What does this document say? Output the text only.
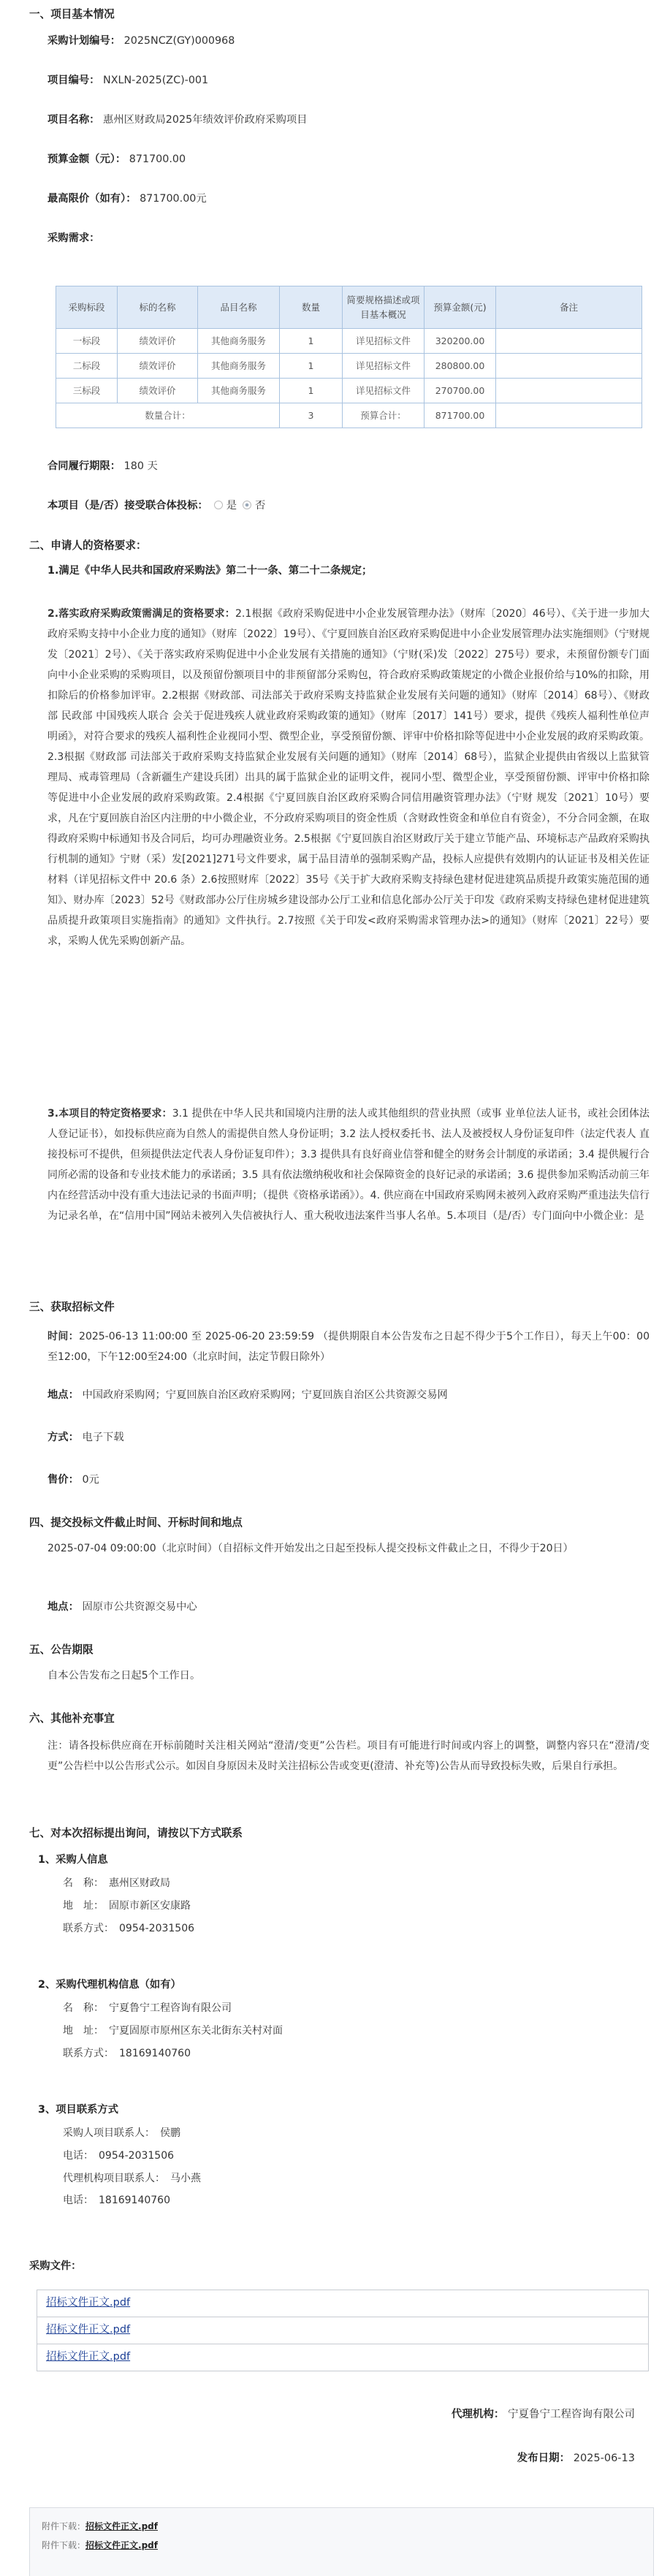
一、项目基本情况
采购计划编号： 2025NCZ(GY)000968
项目编号： NXLN-2025(ZC)-001
项目名称： 惠州区财政局2025年绩效评价政府采购项目
预算金额（元）： 871700.00
最高限价（如有）： 871700.00元
采购需求：
采购标段	标的名称	品目名称	数量	简要规格描述或项目基本概况	预算金额(元)	备注
一标段	绩效评价	其他商务服务	1	详见招标文件	320200.00	
二标段	绩效评价	其他商务服务	1	详见招标文件	280800.00	
三标段	绩效评价	其他商务服务	1	详见招标文件	270700.00	
数量合计：			3	预算合计：	871700.00	
合同履行期限： 180 天
本项目（是/否）接受联合体投标： 是 否
二、申请人的资格要求：
1.满足《中华人民共和国政府采购法》第二十一条、第二十二条规定；
2.落实政府采购政策需满足的资格要求：2.1根据《政府采购促进中小企业发展管理办法》（财库〔2020〕46号）、《关于进一步加大政府采购支持中小企业力度的通知》（财库〔2022〕19号）、《宁夏回族自治区政府采购促进中小企业发展管理办法实施细则》（宁财规发〔2021〕2号）、《关于落实政府采购促进中小企业发展有关措施的通知》（宁财(采)发〔2022〕275号）要求，未预留份额专门面向中小企业采购的采购项目，以及预留份额项目中的非预留部分采购包，符合政府采购政策规定的小微企业报价给与10%的扣除，用扣除后的价格参加评审。2.2根据《财政部、司法部关于政府采购支持监狱企业发展有关问题的通知》（财库〔2014〕68号）、《财政部 民政部 中国残疾人联合 会关于促进残疾人就业政府采购政策的通知》（财库〔2017〕141号）要求，提供《残疾人福利性单位声明函》，对符合要求的残疾人福利性企业视同小型、微型企业，享受预留份额、评审中价格扣除等促进中小企业发展的政府采购政策。2.3根据《财政部 司法部关于政府采购支持监狱企业发展有关问题的通知》（财库〔2014〕68号），监狱企业提供由省级以上监狱管 理局、戒毒管理局（含新疆生产建设兵团）出具的属于监狱企业的证明文件，视同小型、微型企业，享受预留份额、评审中价格扣除等促进中小企业发展的政府采购政策。2.4根据《宁夏回族自治区政府采购合同信用融资管理办法》（宁财 规发〔2021〕10号）要求，凡在宁夏回族自治区内注册的中小微企业，不分政府采购项目的资金性质（含财政性资金和单位自有资金），不分合同金额，在取得政府采购中标通知书及合同后，均可办理融资业务。2.5根据《宁夏回族自治区财政厅关于建立节能产品、环境标志产品政府采购执行机制的通知》宁财（采）发[2021]271号文件要求，属于品目清单的强制采购产品，投标人应提供有效期内的认证证书及相关佐证材料（详见招标文件中 20.6 条）2.6按照财库〔2022〕35号《关于扩大政府采购支持绿色建材促进建筑品质提升政策实施范围的通知》、财办库〔2023〕52号《财政部办公厅住房城乡建设部办公厅工业和信息化部办公厅关于印发《政府采购支持绿色建材促进建筑品质提升政策项目实施指南》的通知》文件执行。2.7按照《关于印发<政府采购需求管理办法>的通知》（财库〔2021〕22号）要求，采购人优先采购创新产品。
3.本项目的特定资格要求：3.1 提供在中华人民共和国境内注册的法人或其他组织的营业执照（或事 业单位法人证书，或社会团体法人登记证书），如投标供应商为自然人的需提供自然人身份证明；3.2 法人授权委托书、法人及被授权人身份证复印件（法定代表人 直接投标可不提供，但须提供法定代表人身份证复印件）；3.3 提供具有良好商业信誉和健全的财务会计制度的承诺函；3.4 提供履行合同所必需的设备和专业技术能力的承诺函；3.5 具有依法缴纳税收和社会保障资金的良好记录的承诺函；3.6 提供参加采购活动前三年内在经营活动中没有重大违法记录的书面声明；（提供《资格承诺函》）。4. 供应商在中国政府采购网未被列入政府采购严重违法失信行为记录名单，在“信用中国”网站未被列入失信被执行人、重大税收违法案件当事人名单。5.本项目（是/否）专门面向中小微企业：是
三、获取招标文件
时间：2025-06-13 11:00:00 至 2025-06-20 23:59:59 （提供期限自本公告发布之日起不得少于5个工作日），每天上午00：00至12:00，下午12:00至24:00（北京时间，法定节假日除外）
地点： 中国政府采购网；宁夏回族自治区政府采购网；宁夏回族自治区公共资源交易网
方式： 电子下载
售价： 0元
四、提交投标文件截止时间、开标时间和地点
2025-07-04 09:00:00（北京时间）（自招标文件开始发出之日起至投标人提交投标文件截止之日，不得少于20日）
地点： 固原市公共资源交易中心
五、公告期限
自本公告发布之日起5个工作日。
六、其他补充事宜
注：请各投标供应商在开标前随时关注相关网站“澄清/变更”公告栏。项目有可能进行时间或内容上的调整，调整内容只在“澄清/变更”公告栏中以公告形式公示。如因自身原因未及时关注招标公告或变更(澄清、补充等)公告从而导致投标失败，后果自行承担。
七、对本次招标提出询问，请按以下方式联系
1、采购人信息
名　称：　惠州区财政局
地　址：　固原市新区安康路
联系方式：　0954-2031506
2、采购代理机构信息（如有）
名　称：　宁夏鲁宁工程咨询有限公司
地　址：　宁夏固原市原州区东关北街东关村对面
联系方式：　18169140760
3、项目联系方式
采购人项目联系人：　侯鹏
电话：　0954-2031506
代理机构项目联系人：　马小燕
电话：　18169140760
采购文件：
招标文件正文.pdf
招标文件正文.pdf
招标文件正文.pdf
代理机构： 宁夏鲁宁工程咨询有限公司
发布日期： 2025-06-13
附件下载：招标文件正文.pdf
附件下载：招标文件正文.pdf
